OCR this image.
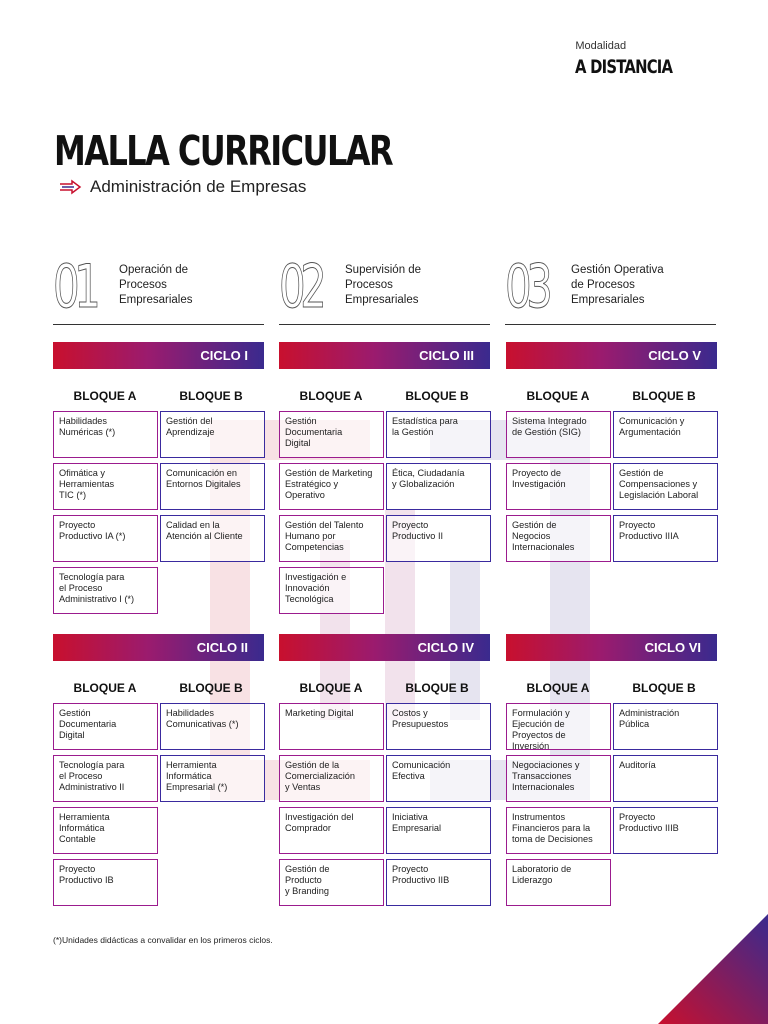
Modalidad
A DISTANCIA
MALLA CURRICULAR
Administración de Empresas
01 Operación de
Procesos
Empresariales 02 Supervisión de
Procesos
Empresariales 03 Gestión Operativa
de Procesos
Empresariales
CICLO I
BLOQUE A
Habilidades
Numéricas (*)
Ofimática y
Herramientas
TIC (*)
Proyecto
Productivo IA (*)
Tecnología para
el Proceso
Administrativo I (*)
BLOQUE B
Gestión del
Aprendizaje
Comunicación en
Entornos Digitales
Calidad en la
Atención al Cliente
CICLO III
BLOQUE A
Gestión
Documentaria
Digital
Gestión de Marketing
Estratégico y
Operativo
Gestión del Talento
Humano por
Competencias
Investigación e
Innovación
Tecnológica
BLOQUE B
Estadística para
la Gestión
Ética, Ciudadanía
y Globalización
Proyecto
Productivo II
CICLO V
BLOQUE A
Sistema Integrado
de Gestión (SIG)
Proyecto de
Investigación
Gestión de
Negocios
Internacionales
BLOQUE B
Comunicación y
Argumentación
Gestión de
Compensaciones y
Legislación Laboral
Proyecto
Productivo IIIA
CICLO II
BLOQUE A
Gestión
Documentaria
Digital
Tecnología para
el Proceso
Administrativo II
Herramienta
Informática
Contable
Proyecto
Productivo IB
BLOQUE B
Habilidades
Comunicativas (*)
Herramienta
Informática
Empresarial (*)
CICLO IV
BLOQUE A
Marketing Digital
Gestión de la
Comercialización
y Ventas
Investigación del
Comprador
Gestión de
Producto
y Branding
BLOQUE B
Costos y
Presupuestos
Comunicación
Efectiva
Iniciativa
Empresarial
Proyecto
Productivo IIB
CICLO VI
BLOQUE A
Formulación y
Ejecución de
Proyectos de Inversión
Negociaciones y
Transacciones
Internacionales
Instrumentos
Financieros para la
toma de Decisiones
Laboratorio de
Liderazgo
BLOQUE B
Administración
Pública
Auditoría
Proyecto
Productivo IIIB
(*)Unidades didácticas a convalidar en los primeros ciclos.
